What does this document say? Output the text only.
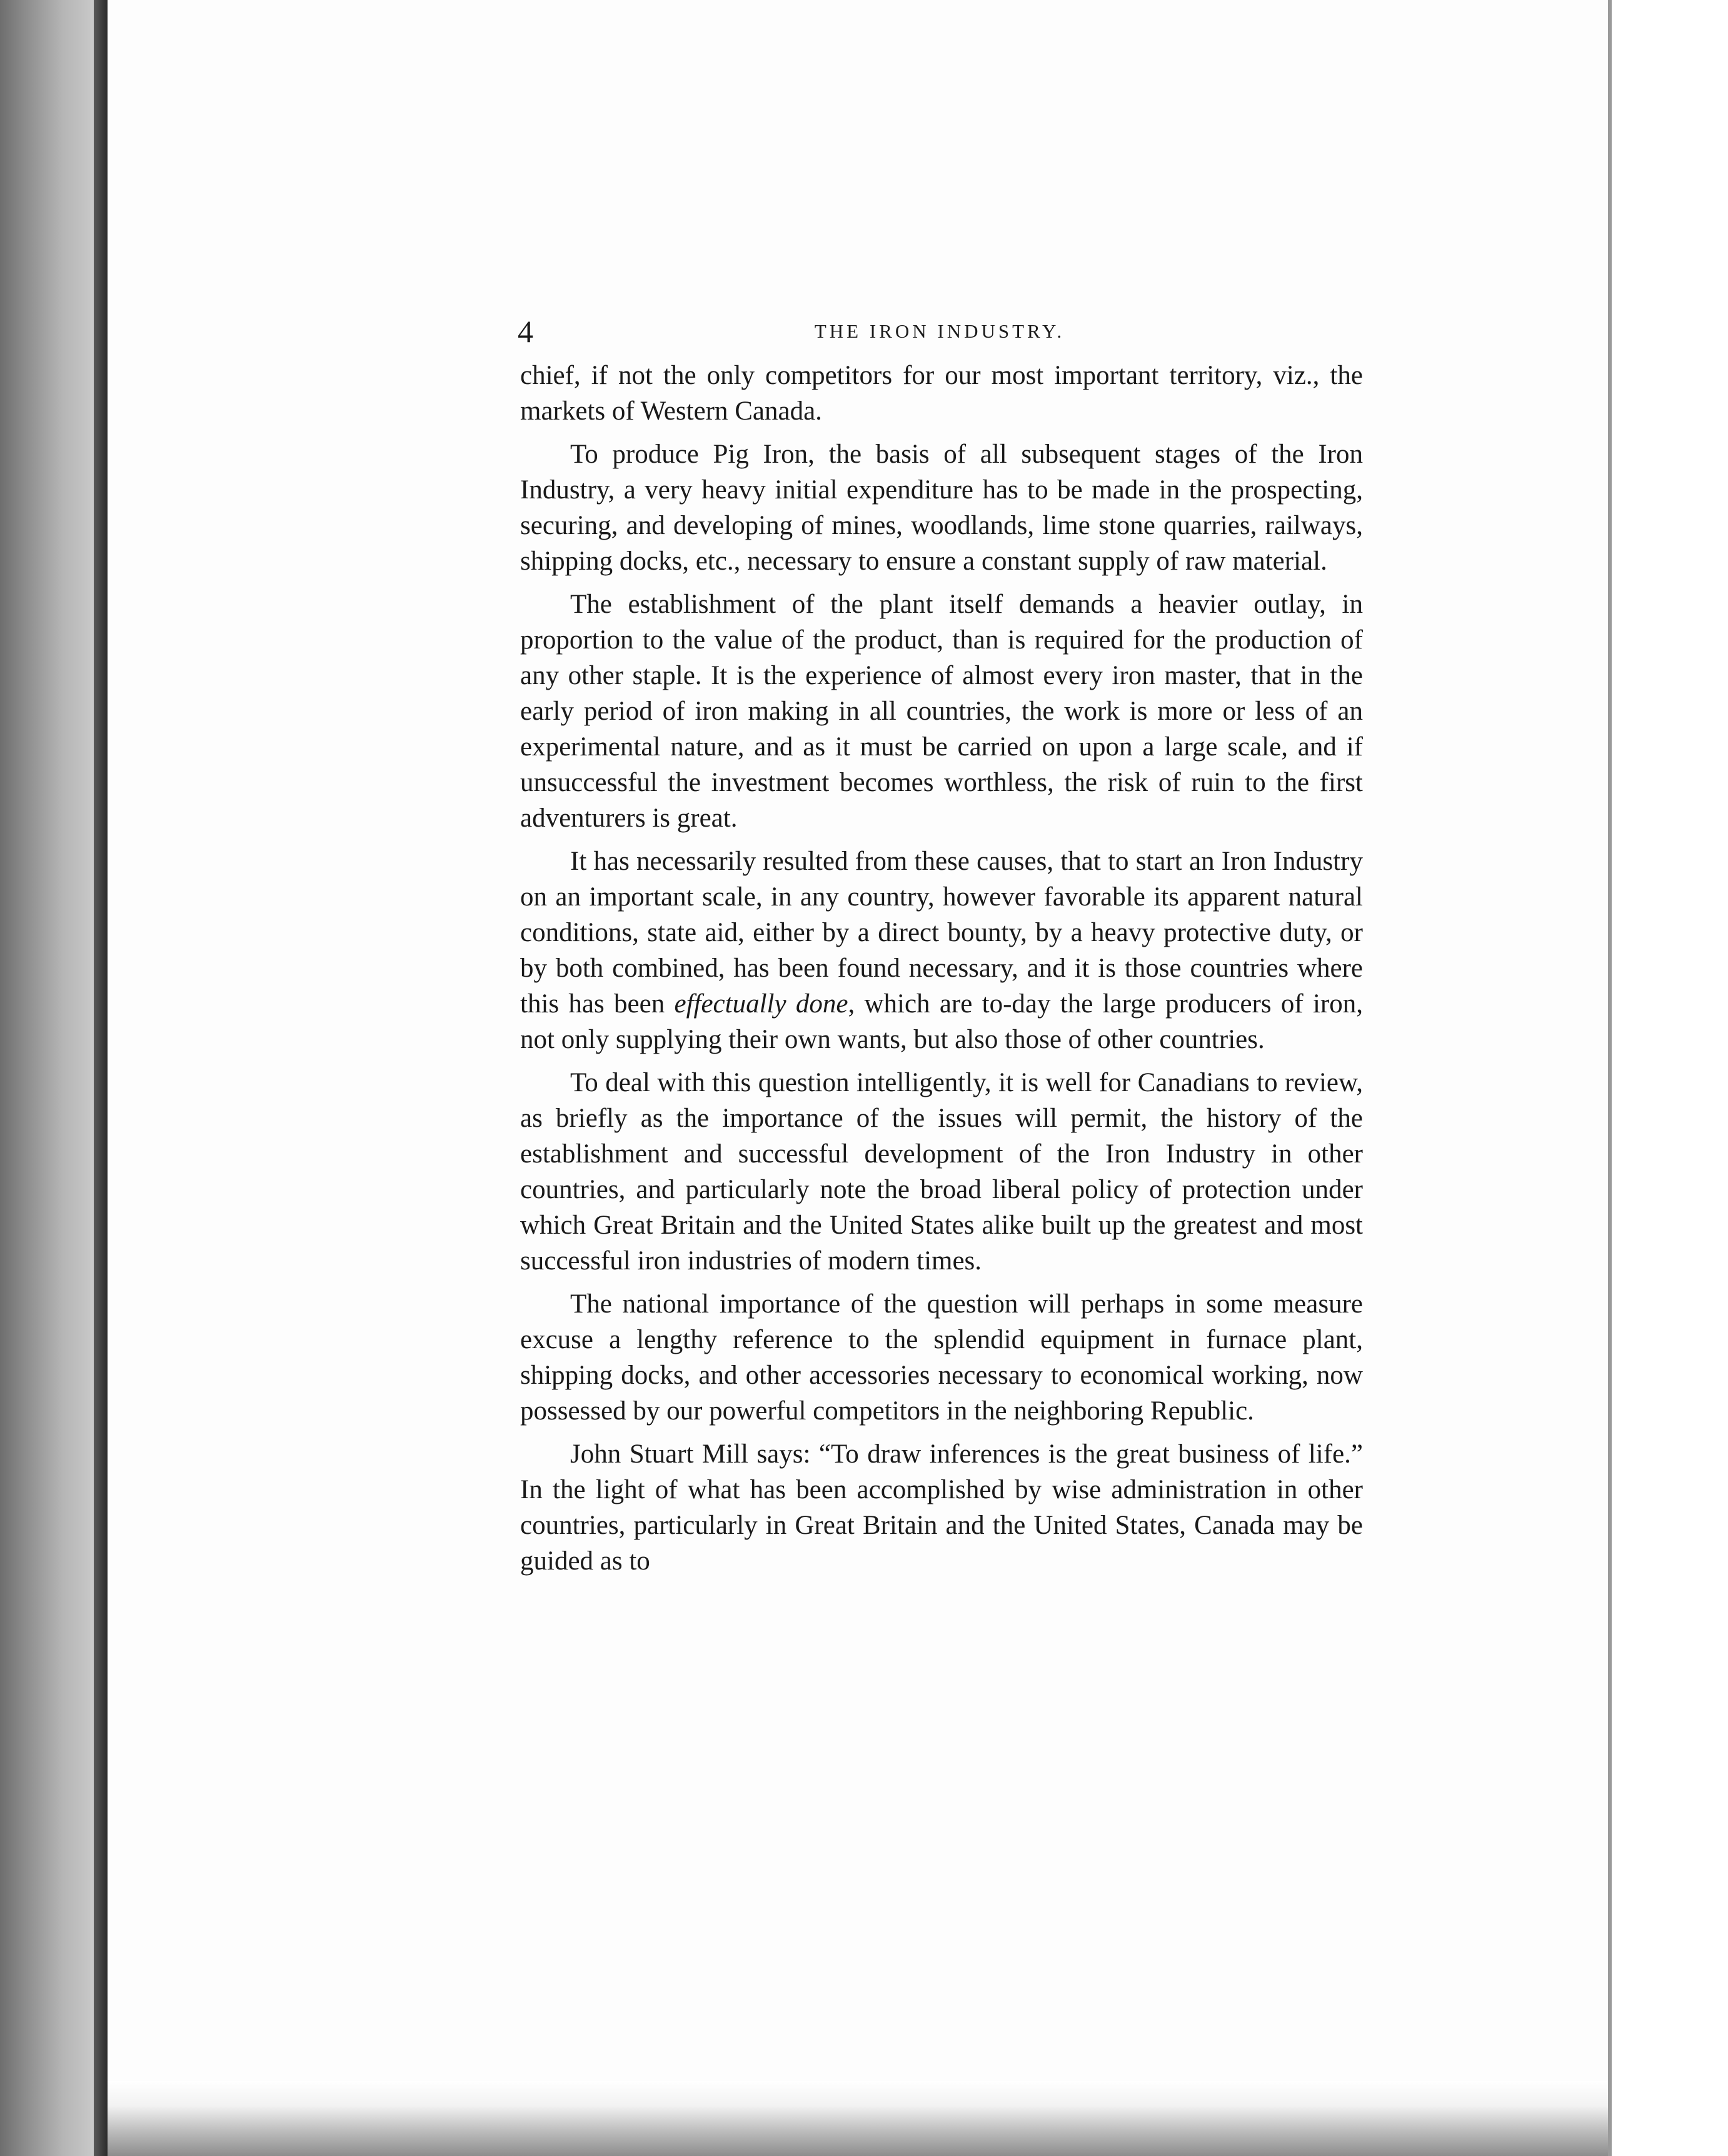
4	THE IRON INDUSTRY.

chief, if not the only competitors for our most important territory, viz., the markets of Western Canada.

To produce Pig Iron, the basis of all subsequent stages of the Iron Industry, a very heavy initial expenditure has to be made in the prospecting, securing, and developing of mines, woodlands, lime stone quarries, railways, shipping docks, etc., necessary to ensure a constant supply of raw material.

The establishment of the plant itself demands a heavier outlay, in proportion to the value of the product, than is required for the production of any other staple. It is the experience of almost every iron master, that in the early period of iron making in all countries, the work is more or less of an experimental nature, and as it must be carried on upon a large scale, and if unsuccessful the investment becomes worthless, the risk of ruin to the first adventurers is great.

It has necessarily resulted from these causes, that to start an Iron Industry on an important scale, in any country, however favorable its apparent natural conditions, state aid, either by a direct bounty, by a heavy protective duty, or by both combined, has been found necessary, and it is those countries where this has been effectually done, which are to-day the large producers of iron, not only supplying their own wants, but also those of other countries.

To deal with this question intelligently, it is well for Canadians to review, as briefly as the importance of the issues will permit, the history of the establishment and successful development of the Iron Industry in other countries, and particularly note the broad liberal policy of protection under which Great Britain and the United States alike built up the greatest and most successful iron industries of modern times.

The national importance of the question will perhaps in some measure excuse a lengthy reference to the splendid equipment in furnace plant, shipping docks, and other accessories necessary to economical working, now possessed by our powerful competitors in the neighboring Republic.

John Stuart Mill says: “To draw inferences is the great business of life.” In the light of what has been accomplished by wise administration in other countries, particularly in Great Britain and the United States, Canada may be guided as to
